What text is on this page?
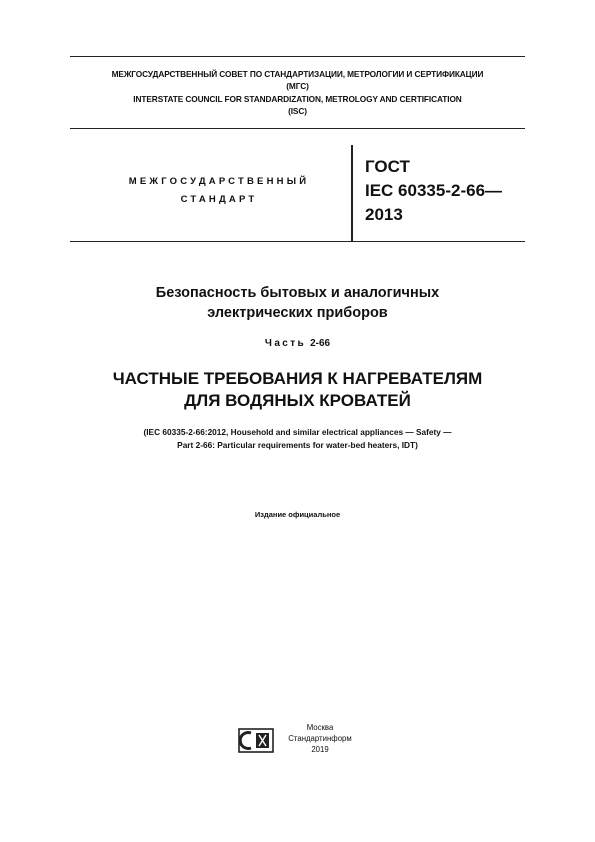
МЕЖГОСУДАРСТВЕННЫЙ СОВЕТ ПО СТАНДАРТИЗАЦИИ, МЕТРОЛОГИИ И СЕРТИФИКАЦИИ

(МГС)

INTERSTATE COUNCIL FOR STANDARDIZATION, METROLOGY AND CERTIFICATION

(ISC)

МЕЖГОСУДАРСТВЕННЫЙ
СТАНДАРТ
ГОСТ
IEC 60335-2-66—
2013
Безопасность бытовых и аналогичных
электрических приборов
Часть 2-66
ЧАСТНЫЕ ТРЕБОВАНИЯ К НАГРЕВАТЕЛЯМ
ДЛЯ ВОДЯНЫХ КРОВАТЕЙ
(IEC 60335-2-66:2012, Household and similar electrical appliances — Safety —
Part 2-66: Particular requirements for water-bed heaters, IDT)
Издание официальное
Москва
Стандартинформ
2019
